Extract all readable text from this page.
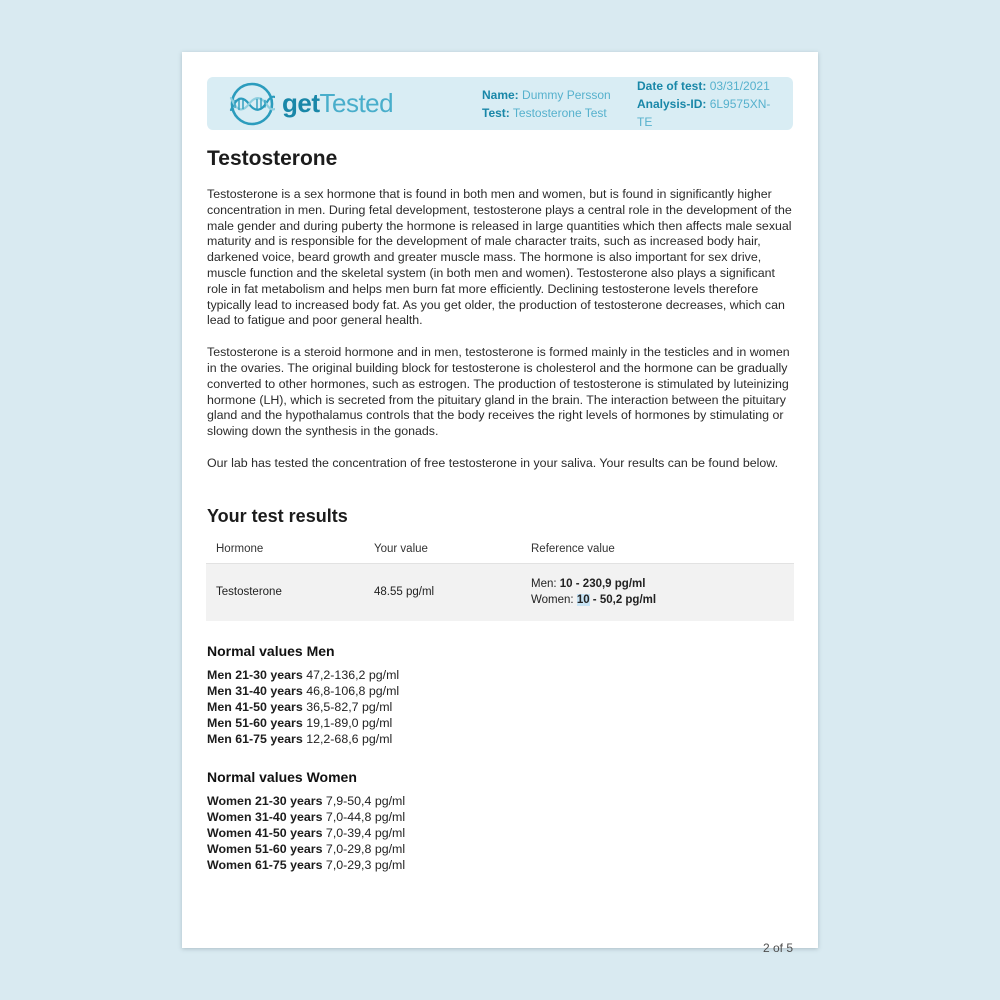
getTested	Name: Dummy Persson
Test: Testosterone Test
Date of test: 03/31/2021
Analysis-ID: 6L9575XN-TE
Testosterone

Testosterone is a sex hormone that is found in both men and women, but is found in significantly higher concentration in men. During fetal development, testosterone plays a central role in the development of the male gender and during puberty the hormone is released in large quantities which then affects male sexual maturity and is responsible for the development of male character traits, such as increased body hair, darkened voice, beard growth and greater muscle mass. The hormone is also important for sex drive, muscle function and the skeletal system (in both men and women). Testosterone also plays a significant role in fat metabolism and helps men burn fat more efficiently. Declining testosterone levels therefore typically lead to increased body fat. As you get older, the production of testosterone decreases, which can lead to fatigue and poor general health.

Testosterone is a steroid hormone and in men, testosterone is formed mainly in the testicles and in women in the ovaries. The original building block for testosterone is cholesterol and the hormone can be gradually converted to other hormones, such as estrogen. The production of testosterone is stimulated by luteinizing hormone (LH), which is secreted from the pituitary gland in the brain. The interaction between the pituitary gland and the hypothalamus controls that the body receives the right levels of hormones by stimulating or slowing down the synthesis in the gonads.

Our lab has tested the concentration of free testosterone in your saliva. Your results can be found below.

Your test results
Hormone	Your value	Reference value
Testosterone	48.55 pg/ml
Men: 10 - 230,9 pg/ml
Women: 10 - 50,2 pg/ml
Normal values Men
Men 21-30 years 47,2-136,2 pg/ml
Men 31-40 years 46,8-106,8 pg/ml
Men 41-50 years 36,5-82,7 pg/ml
Men 51-60 years 19,1-89,0 pg/ml
Men 61-75 years 12,2-68,6 pg/ml
Normal values Women
Women 21-30 years 7,9-50,4 pg/ml
Women 31-40 years 7,0-44,8 pg/ml
Women 41-50 years 7,0-39,4 pg/ml
Women 51-60 years 7,0-29,8 pg/ml
Women 61-75 years 7,0-29,3 pg/ml
2 of 5
